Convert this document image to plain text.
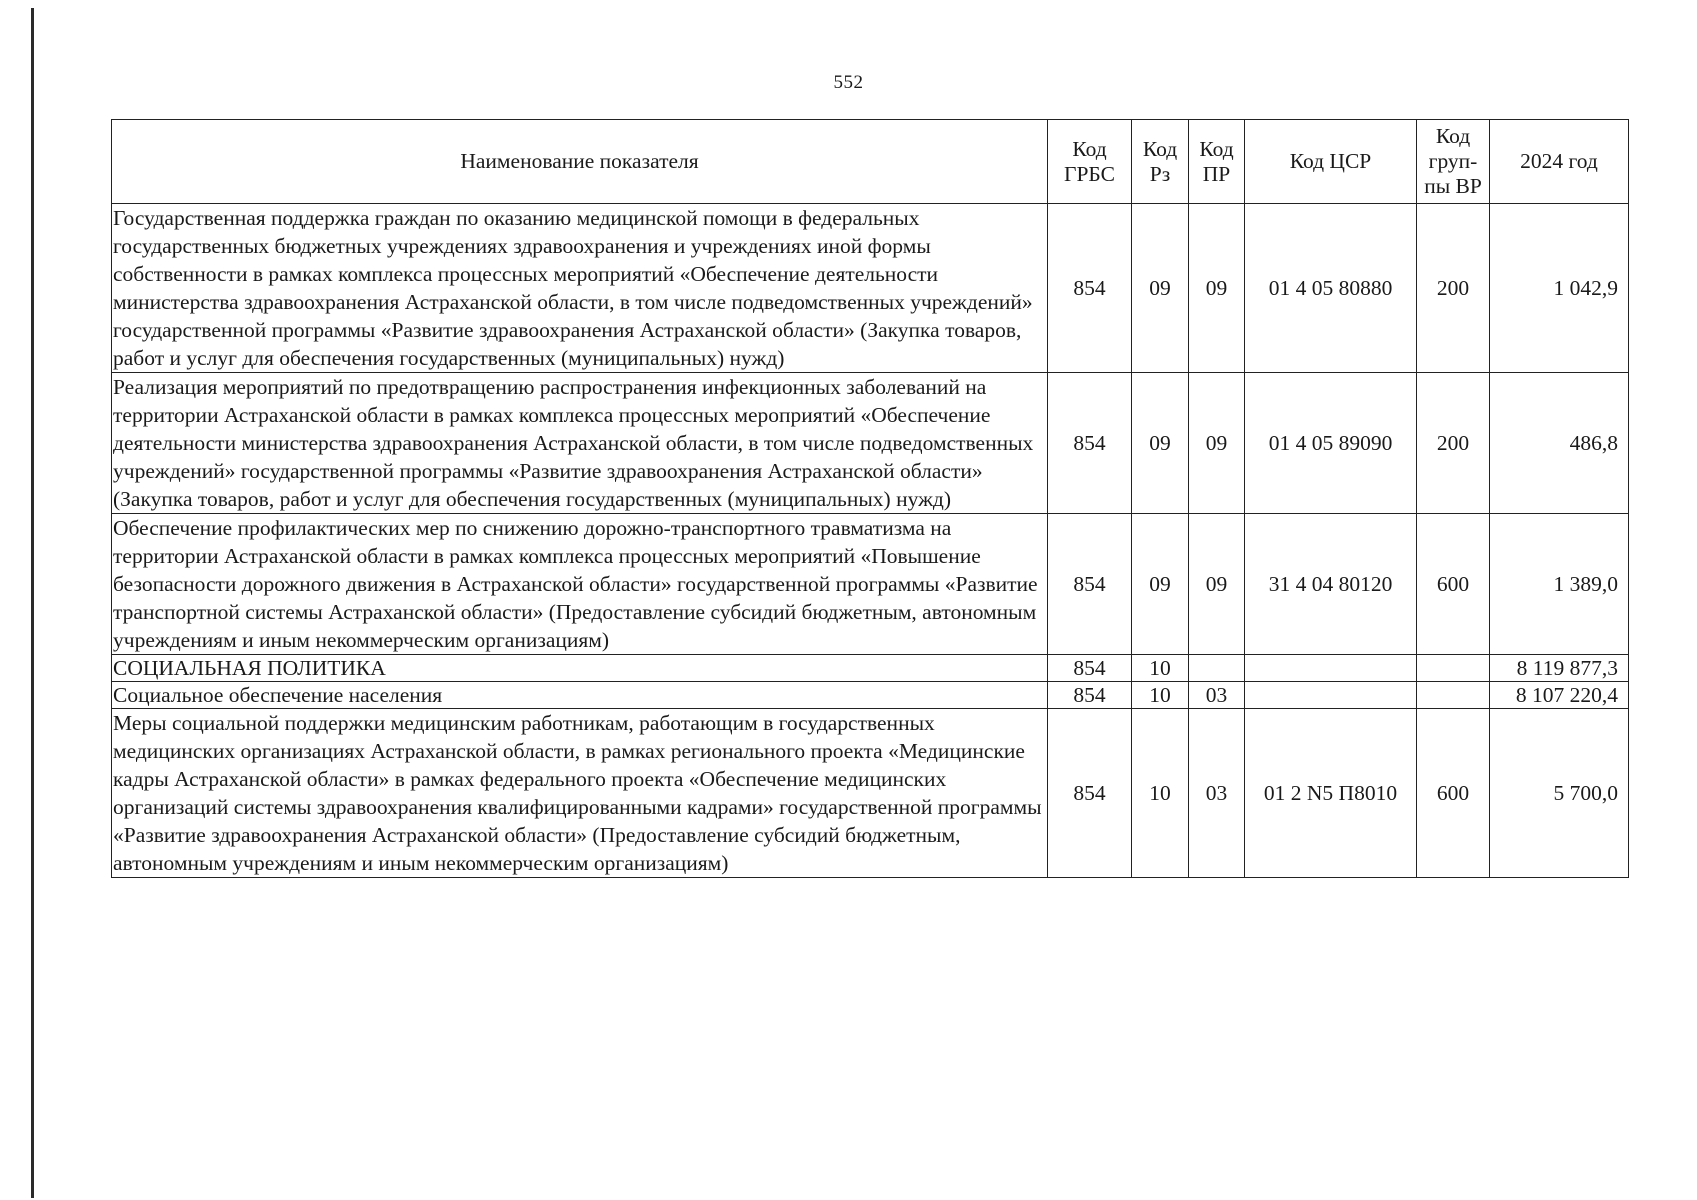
552
Наименование показателя	Код ГРБС	Код Рз	Код ПР	Код ЦСР	Код груп-пы ВР	2024 год
Государственная поддержка граждан по оказанию медицинской помощи в федеральных государственных бюджетных учреждениях здравоохранения и учреждениях иной формы собственности в рамках комплекса процессных мероприятий «Обеспечение деятельности министерства здравоохранения Астраханской области, в том числе подведомственных учреждений» государственной программы «Развитие здравоохранения Астраханской области» (Закупка товаров, работ и услуг для обеспечения государственных (муниципальных) нужд)	854	09	09	01 4 05 80880	200	1 042,9
Реализация мероприятий по предотвращению распространения инфекционных заболеваний на территории Астраханской области в рамках комплекса процессных мероприятий «Обеспечение деятельности министерства здравоохранения Астраханской области, в том числе подведомственных учреждений» государственной программы «Развитие здравоохранения Астраханской области» (Закупка товаров, работ и услуг для обеспечения государственных (муниципальных) нужд)	854	09	09	01 4 05 89090	200	486,8
Обеспечение профилактических мер по снижению дорожно-транспортного травматизма на территории Астраханской области в рамках комплекса процессных мероприятий «Повышение безопасности дорожного движения в Астраханской области» государственной программы «Развитие транспортной системы Астраханской области» (Предоставление субсидий бюджетным, автономным учреждениям и иным некоммерческим организациям)	854	09	09	31 4 04 80120	600	1 389,0
СОЦИАЛЬНАЯ ПОЛИТИКА	854	10				8 119 877,3
Социальное обеспечение населения	854	10	03			8 107 220,4
Меры социальной поддержки медицинским работникам, работающим в государственных медицинских организациях Астраханской области, в рамках регионального проекта «Медицинские кадры Астраханской области» в рамках федерального проекта «Обеспечение медицинских организаций системы здравоохранения квалифицированными кадрами» государственной программы «Развитие здравоохранения Астраханской области» (Предоставление субсидий бюджетным, автономным учреждениям и иным некоммерческим организациям)	854	10	03	01 2 N5 П8010	600	5 700,0
